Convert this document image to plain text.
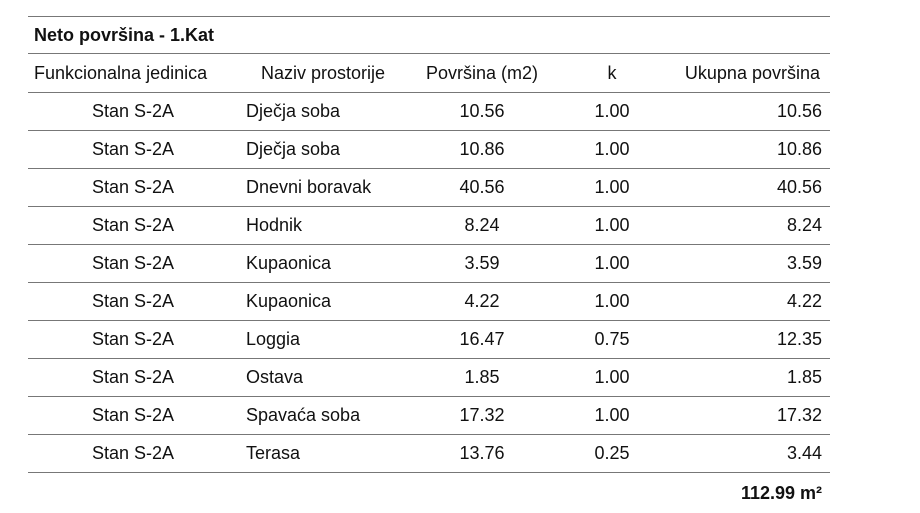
Neto površina - 1.Kat
Funkcionalna jedinica	Naziv prostorije	Površina (m2)	k	Ukupna površina
Stan S-2A	Dječja soba	10.56	1.00	10.56
Stan S-2A	Dječja soba	10.86	1.00	10.86
Stan S-2A	Dnevni boravak	40.56	1.00	40.56
Stan S-2A	Hodnik	8.24	1.00	8.24
Stan S-2A	Kupaonica	3.59	1.00	3.59
Stan S-2A	Kupaonica	4.22	1.00	4.22
Stan S-2A	Loggia	16.47	0.75	12.35
Stan S-2A	Ostava	1.85	1.00	1.85
Stan S-2A	Spavaća soba	17.32	1.00	17.32
Stan S-2A	Terasa	13.76	0.25	3.44
112.99 m²
